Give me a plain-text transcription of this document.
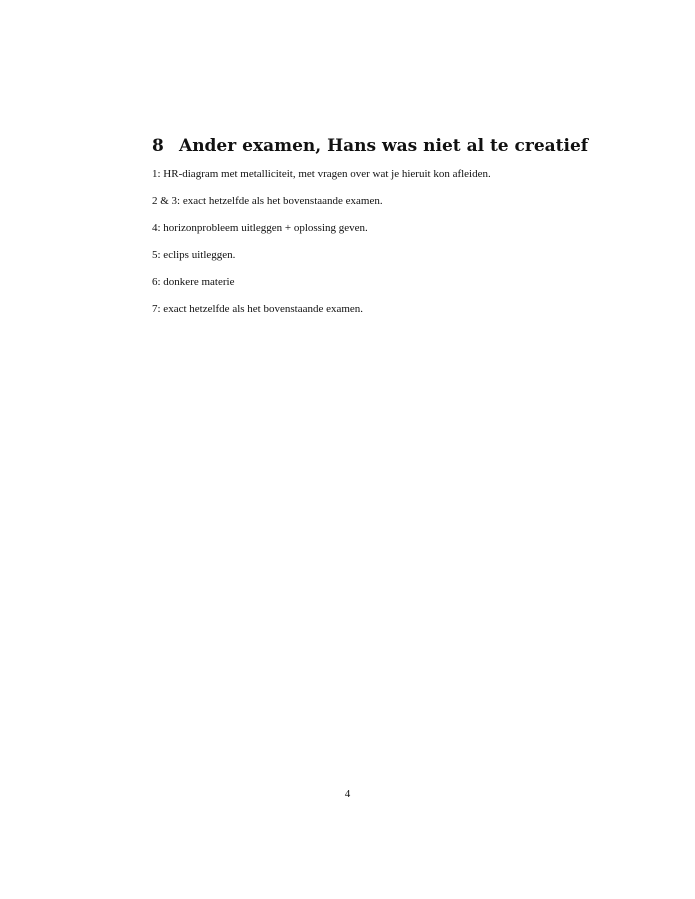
8 Ander examen, Hans was niet al te creatief

1: HR-diagram met metalliciteit, met vragen over wat je hieruit kon afleiden.

2 & 3: exact hetzelfde als het bovenstaande examen.

4: horizonprobleem uitleggen + oplossing geven.

5: eclips uitleggen.

6: donkere materie

7: exact hetzelfde als het bovenstaande examen.

4
